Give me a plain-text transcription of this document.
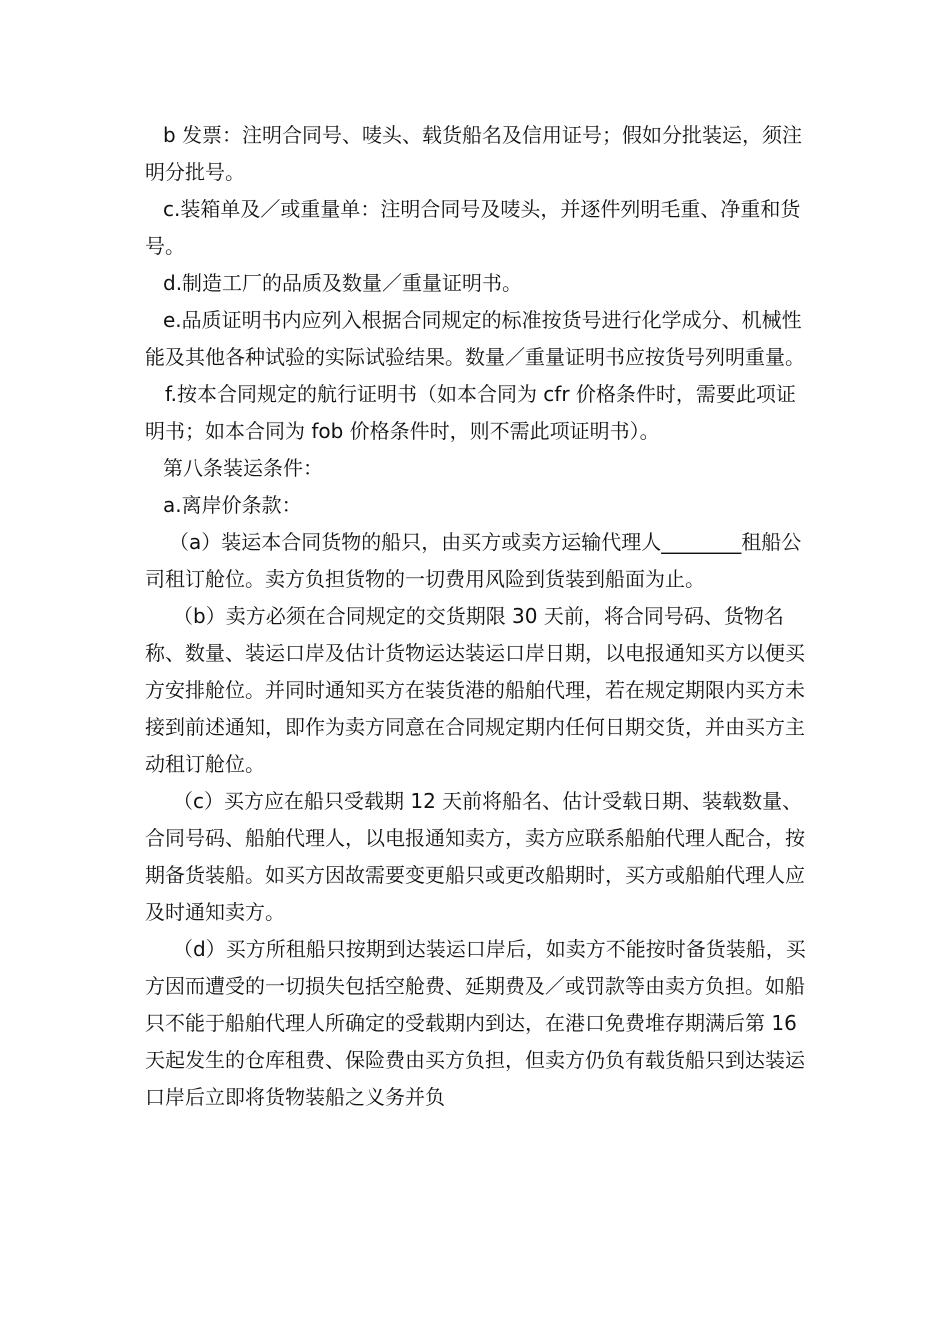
b 发票：注明合同号、唛头、载货船名及信用证号；假如分批装运，须注明分批号。

c.装箱单及／或重量单：注明合同号及唛头，并逐件列明毛重、净重和货号。

d.制造工厂的品质及数量／重量证明书。

e.品质证明书内应列入根据合同规定的标准按货号进行化学成分、机械性能及其他各种试验的实际试验结果。数量／重量证明书应按货号列明重量。

f.按本合同规定的航行证明书（如本合同为 cfr 价格条件时，需要此项证明书；如本合同为 fob 价格条件时，则不需此项证明书）。

第八条装运条件：

a.离岸价条款：

（a）装运本合同货物的船只，由买方或卖方运输代理人________租船公司租订舱位。卖方负担货物的一切费用风险到货装到船面为止。

（b）卖方必须在合同规定的交货期限 30 天前，将合同号码、货物名称、数量、装运口岸及估计货物运达装运口岸日期，以电报通知买方以便买方安排舱位。并同时通知买方在装货港的船舶代理，若在规定期限内买方未接到前述通知，即作为卖方同意在合同规定期内任何日期交货，并由买方主动租订舱位。

（c）买方应在船只受载期 12 天前将船名、估计受载日期、装载数量、合同号码、船舶代理人，以电报通知卖方，卖方应联系船舶代理人配合，按期备货装船。如买方因故需要变更船只或更改船期时，买方或船舶代理人应及时通知卖方。

（d）买方所租船只按期到达装运口岸后，如卖方不能按时备货装船，买方因而遭受的一切损失包括空舱费、延期费及／或罚款等由卖方负担。如船只不能于船舶代理人所确定的受载期内到达，在港口免费堆存期满后第 16 天起发生的仓库租费、保险费由买方负担，但卖方仍负有载货船只到达装运口岸后立即将货物装船之义务并负
